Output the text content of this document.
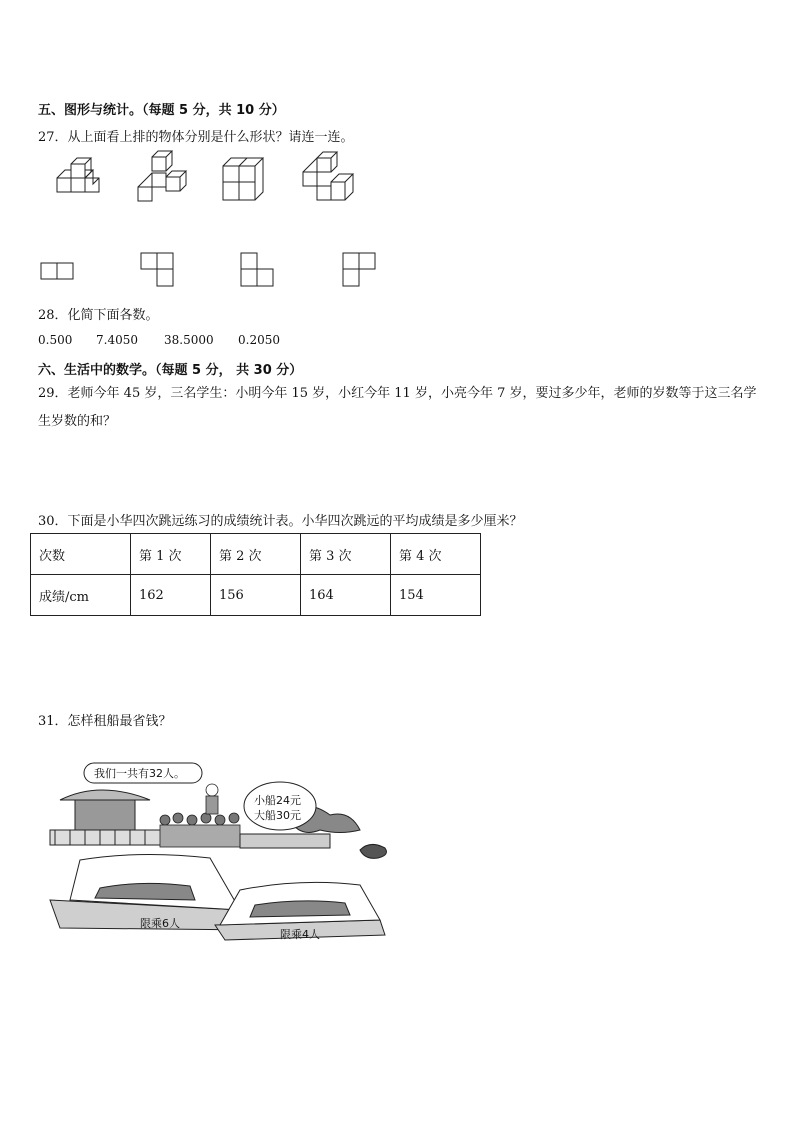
五、图形与统计。（每题 5 分，共 10 分）
27．从上面看上排的物体分别是什么形状？请连一连。
28．化简下面各数。
0.500 7.4050 38.5000 0.2050
六、生活中的数学。（每题 5 分， 共 30 分）
29．老师今年 45 岁，三名学生：小明今年 15 岁，小红今年 11 岁，小亮今年 7 岁，要过多少年，老师的岁数等于这三名学生岁数的和？
30．下面是小华四次跳远练习的成绩统计表。小华四次跳远的平均成绩是多少厘米？
次数	第 1 次	第 2 次	第 3 次	第 4 次
成绩/cm	162	156	164	154
31．怎样租船最省钱？
我们一共有32人。
小船24元
大船30元
限乘6人
限乘4人
